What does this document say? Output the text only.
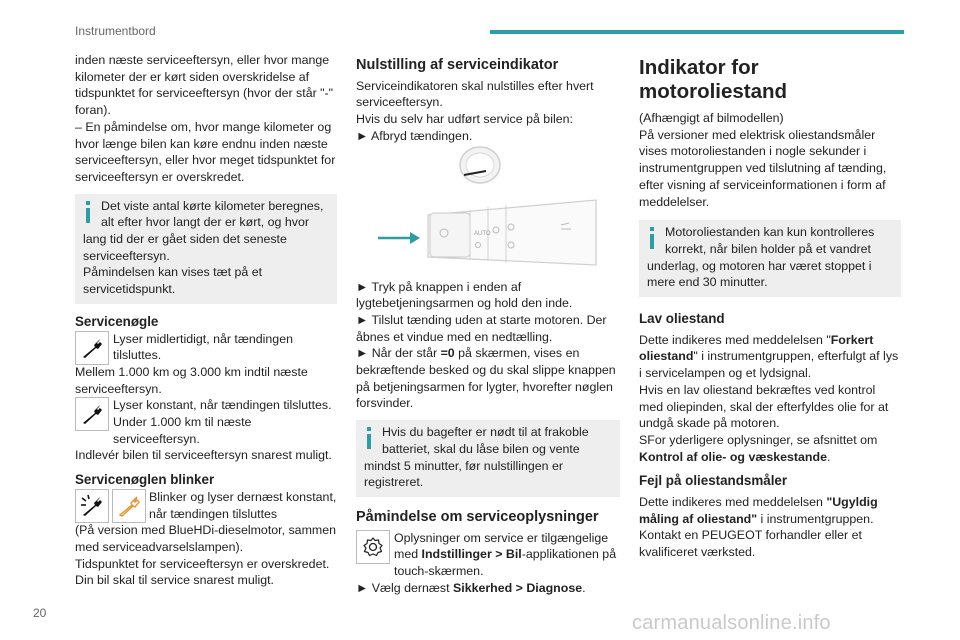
Instrumentbord

inden næste serviceeftersyn, eller hvor mange kilometer der er kørt siden overskridelse af tidspunktet for serviceeftersyn (hvor der står "-" foran).

– En påmindelse om, hvor mange kilometer og hvor længe bilen kan køre endnu inden næste serviceeftersyn, eller hvor meget tidspunktet for serviceeftersyn er overskredet.

Det viste antal kørte kilometer beregnes,

alt efter hvor langt der er kørt, og hvor

lang tid der er gået siden det seneste serviceeftersyn.

Påmindelsen kan vises tæt på et servicetidspunkt.

Servicenøgle

Lyser midlertidigt, når tændingen tilsluttes.

Mellem 1.000 km og 3.000 km indtil næste serviceeftersyn.

Lyser konstant, når tændingen tilsluttes. Under 1.000 km til næste serviceeftersyn.

Indlevér bilen til serviceeftersyn snarest muligt.

Servicenøglen blinker

Blinker og lyser dernæst konstant, når tændingen tilsluttes

(På version med BlueHDi-dieselmotor, sammen med serviceadvarselslampen).

Tidspunktet for serviceeftersyn er overskredet. Din bil skal til service snarest muligt.

Nulstilling af serviceindikator

Serviceindikatoren skal nulstilles efter hvert serviceeftersyn.

Hvis du selv har udført service på bilen:

► Afbryd tændingen.

AUTO

► Tryk på knappen i enden af lygtebetjeningsarmen og hold den inde.

► Tilslut tænding uden at starte motoren. Der åbnes et vindue med en nedtælling.

► Når der står =0 på skærmen, vises en bekræftende besked og du skal slippe knappen på betjeningsarmen for lygter, hvorefter nøglen forsvinder.

Hvis du bagefter er nødt til at frakoble

batteriet, skal du låse bilen og vente

mindst 5 minutter, før nulstillingen er registreret.

Påmindelse om serviceoplysninger

Oplysninger om service er tilgængelige med Indstillinger > Bil-applikationen på touch-skærmen.

► Vælg dernæst Sikkerhed > Diagnose.

Indikator for motoroliestand

(Afhængigt af bilmodellen)

På versioner med elektrisk oliestandsmåler vises motoroliestanden i nogle sekunder i instrumentgruppen ved tilslutning af tænding, efter visning af serviceinformationen i form af meddelelser.

Motoroliestanden kan kun kontrolleres

korrekt, når bilen holder på et vandret

underlag, og motoren har været stoppet i mere end 30 minutter.

Lav oliestand

Dette indikeres med meddelelsen "Forkert oliestand" i instrumentgruppen, efterfulgt af lys i servicelampen og et lydsignal.

Hvis en lav oliestand bekræftes ved kontrol med oliepinden, skal der efterfyldes olie for at undgå skade på motoren.

SFor yderligere oplysninger, se afsnittet om Kontrol af olie- og væskestande.

Fejl på oliestandsmåler

Dette indikeres med meddelelsen "Ugyldig måling af oliestand" i instrumentgruppen.

Kontakt en PEUGEOT forhandler eller et kvalificeret værksted.

20	carmanualsonline.info
